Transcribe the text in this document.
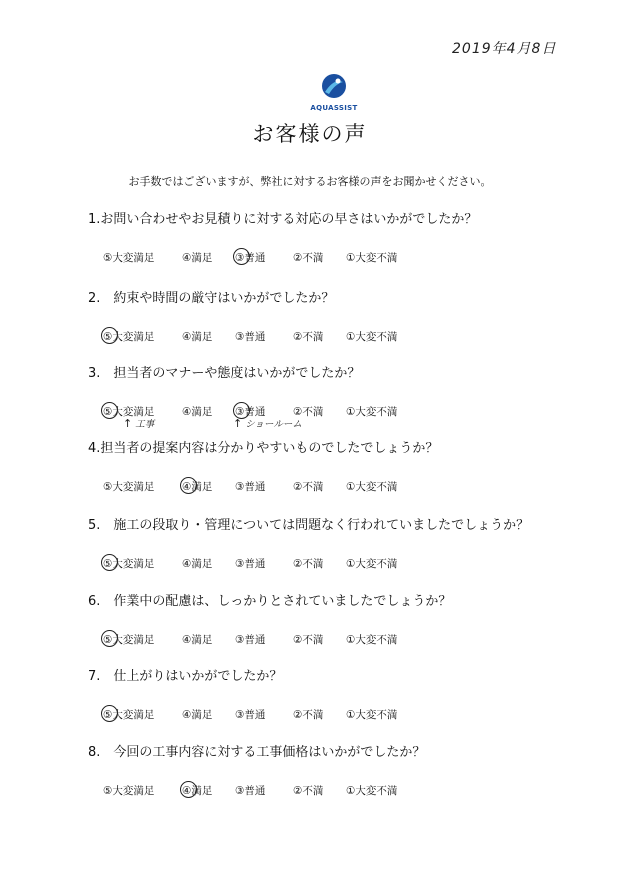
2019年4月8日
AQUASSIST
お客様の声
お手数ではございますが、弊社に対するお客様の声をお聞かせください。
1.お問い合わせやお見積りに対する対応の早さはいかがでしたか？
⑤大変満足	④満足 ③普通	②不満 ①大変不満
2.　約束や時間の厳守はいかがでしたか？
⑤大変満足	④満足 ③普通	②不満 ①大変不満
3.　担当者のマナーや態度はいかがでしたか？
⑤大変満足	④満足 ③普通	②不満 ①大変不満
4.担当者の提案内容は分かりやすいものでしたでしょうか？
⑤大変満足	④満足 ③普通	②不満 ①大変不満
5.　施工の段取り・管理については問題なく行われていましたでしょうか？
⑤大変満足	④満足 ③普通	②不満 ①大変不満
6.　作業中の配慮は、しっかりとされていましたでしょうか？
⑤大変満足	④満足 ③普通	②不満 ①大変不満
7.　仕上がりはいかがでしたか？
⑤大変満足	④満足 ③普通	②不満 ①大変不満
8.　今回の工事内容に対する工事価格はいかがでしたか？
⑤大変満足	④満足 ③普通	②不満 ①大変不満
↑ 工事	↑ ショールーム
